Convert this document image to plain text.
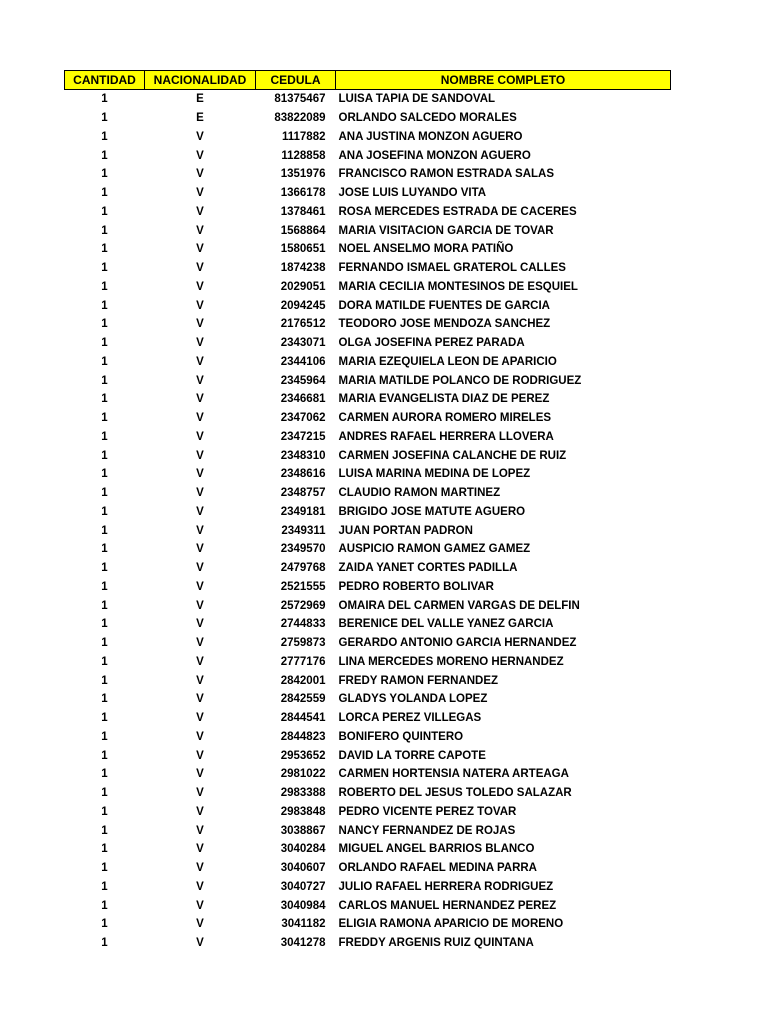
CANTIDAD	NACIONALIDAD	CEDULA	NOMBRE COMPLETO
1	E	81375467	LUISA TAPIA DE SANDOVAL
1	E	83822089	ORLANDO SALCEDO MORALES
1	V	1117882	ANA JUSTINA MONZON AGUERO
1	V	1128858	ANA JOSEFINA MONZON AGUERO
1	V	1351976	FRANCISCO RAMON ESTRADA SALAS
1	V	1366178	JOSE LUIS LUYANDO VITA
1	V	1378461	ROSA MERCEDES ESTRADA DE CACERES
1	V	1568864	MARIA VISITACION GARCIA DE TOVAR
1	V	1580651	NOEL ANSELMO MORA PATIÑO
1	V	1874238	FERNANDO ISMAEL GRATEROL CALLES
1	V	2029051	MARIA CECILIA MONTESINOS DE ESQUIEL
1	V	2094245	DORA MATILDE FUENTES DE GARCIA
1	V	2176512	TEODORO JOSE MENDOZA SANCHEZ
1	V	2343071	OLGA JOSEFINA PEREZ PARADA
1	V	2344106	MARIA EZEQUIELA LEON DE APARICIO
1	V	2345964	MARIA MATILDE POLANCO DE RODRIGUEZ
1	V	2346681	MARIA EVANGELISTA DIAZ DE PEREZ
1	V	2347062	CARMEN AURORA ROMERO MIRELES
1	V	2347215	ANDRES RAFAEL HERRERA LLOVERA
1	V	2348310	CARMEN JOSEFINA CALANCHE DE RUIZ
1	V	2348616	LUISA MARINA MEDINA DE LOPEZ
1	V	2348757	CLAUDIO RAMON MARTINEZ
1	V	2349181	BRIGIDO JOSE MATUTE AGUERO
1	V	2349311	JUAN PORTAN PADRON
1	V	2349570	AUSPICIO RAMON GAMEZ GAMEZ
1	V	2479768	ZAIDA YANET CORTES PADILLA
1	V	2521555	PEDRO ROBERTO BOLIVAR
1	V	2572969	OMAIRA DEL CARMEN VARGAS DE DELFIN
1	V	2744833	BERENICE DEL VALLE YANEZ GARCIA
1	V	2759873	GERARDO ANTONIO GARCIA HERNANDEZ
1	V	2777176	LINA MERCEDES MORENO HERNANDEZ
1	V	2842001	FREDY RAMON FERNANDEZ
1	V	2842559	GLADYS YOLANDA LOPEZ
1	V	2844541	LORCA PEREZ VILLEGAS
1	V	2844823	BONIFERO QUINTERO
1	V	2953652	DAVID LA TORRE CAPOTE
1	V	2981022	CARMEN HORTENSIA NATERA ARTEAGA
1	V	2983388	ROBERTO DEL JESUS TOLEDO SALAZAR
1	V	2983848	PEDRO VICENTE PEREZ TOVAR
1	V	3038867	NANCY FERNANDEZ DE ROJAS
1	V	3040284	MIGUEL ANGEL BARRIOS BLANCO
1	V	3040607	ORLANDO RAFAEL MEDINA PARRA
1	V	3040727	JULIO RAFAEL HERRERA RODRIGUEZ
1	V	3040984	CARLOS MANUEL HERNANDEZ PEREZ
1	V	3041182	ELIGIA RAMONA APARICIO DE MORENO
1	V	3041278	FREDDY ARGENIS RUIZ QUINTANA
